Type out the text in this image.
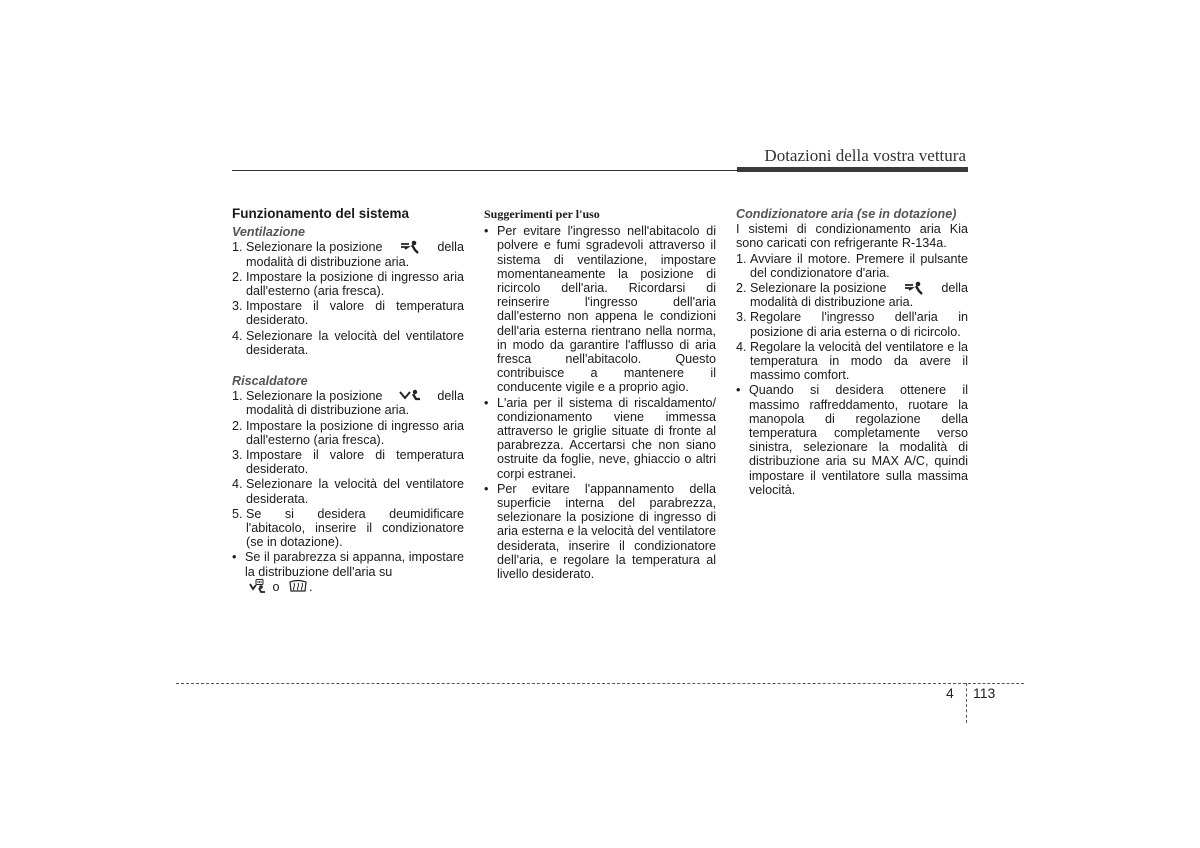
Dotazioni della vostra vettura
Funzionamento del sistema
Ventilazione
1. Selezionare la posizione	della
modalità di distribuzione aria.
2. Impostare la posizione di ingresso aria dall'esterno (aria fresca).
3. Impostare il valore di temperatura desiderato.
4. Selezionare la velocità del ventilatore desiderata.
Riscaldatore
1. Selezionare la posizione	della
modalità di distribuzione aria.
2. Impostare la posizione di ingresso aria dall'esterno (aria fresca).
3. Impostare il valore di temperatura desiderato.
4. Selezionare la velocità del ventilatore desiderata.
5. Se si desidera deumidificare l'abitacolo, inserire il condizionatore (se in dotazione).
• Se il parabrezza si appanna, impostare la distribuzione dell'aria su
o .
Suggerimenti per l'uso
• Per evitare l'ingresso nell'abitacolo di polvere e fumi sgradevoli attraverso il sistema di ventilazione, impostare momentaneamente la posizione di ricircolo dell'aria. Ricordarsi di reinserire l'ingresso dell'aria dall'esterno non appena le condizioni dell'aria esterna rientrano nella norma, in modo da garantire l'afflusso di aria fresca nell'abitacolo. Questo contribuisce a mantenere il conducente vigile e a proprio agio.
• L'aria per il sistema di riscaldamento/ condizionamento viene immessa attraverso le griglie situate di fronte al parabrezza. Accertarsi che non siano ostruite da foglie, neve, ghiaccio o altri corpi estranei.
• Per evitare l'appannamento della superficie interna del parabrezza, selezionare la posizione di ingresso di aria esterna e la velocità del ventilatore desiderata, inserire il condizionatore dell'aria, e regolare la temperatura al livello desiderato.
Condizionatore aria (se in dotazione)
I sistemi di condizionamento aria Kia sono caricati con refrigerante R-134a.
1. Avviare il motore. Premere il pulsante del condizionatore d'aria.
2. Selezionare la posizione	della
modalità di distribuzione aria.
3. Regolare l'ingresso dell'aria in posizione di aria esterna o di ricircolo.
4. Regolare la velocità del ventilatore e la temperatura in modo da avere il massimo comfort.
• Quando si desidera ottenere il massimo raffreddamento, ruotare la manopola di regolazione della temperatura completamente verso sinistra, selezionare la modalità di distribuzione aria su MAX A/C, quindi impostare il ventilatore sulla massima velocità.
4 113
